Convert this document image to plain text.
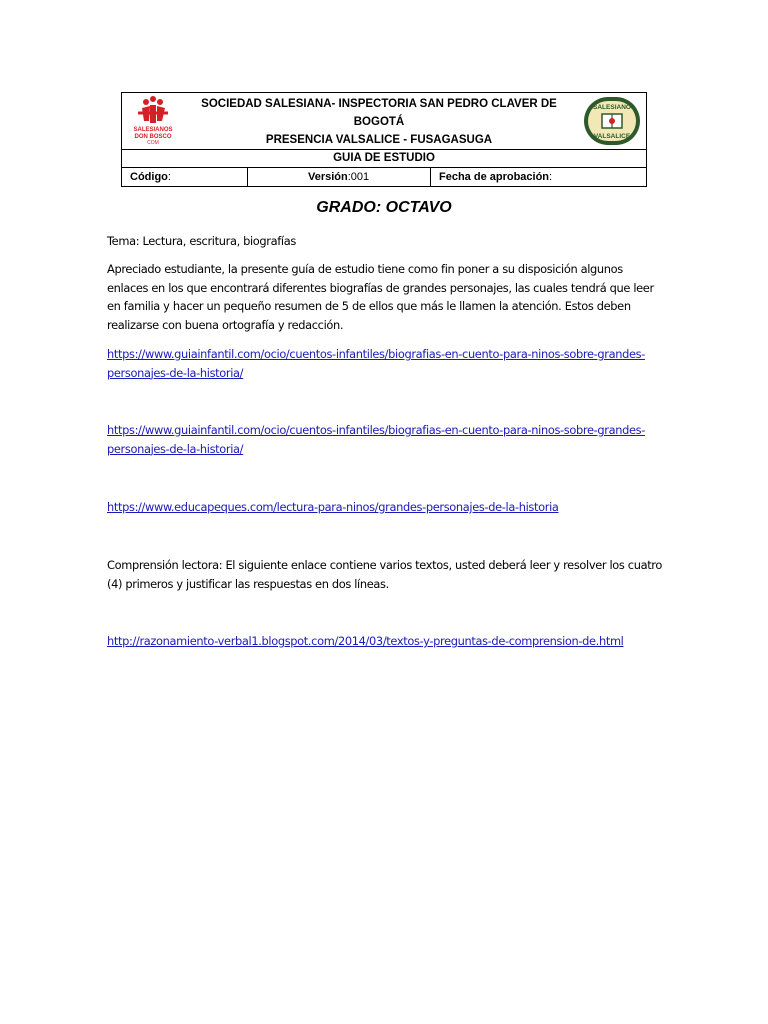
SALESIANOS
DON BOSCO
COM
SOCIEDAD SALESIANA- INSPECTORIA SAN PEDRO CLAVER DE BOGOTÁ
PRESENCIA VALSALICE - FUSAGASUGA
SALESIANO
VALSALICE
GUIA DE ESTUDIO
Código:	Versión:001	Fecha de aprobación:
GRADO: OCTAVO
Tema: Lectura, escritura, biografías
Apreciado estudiante, la presente guía de estudio tiene como fin poner a su disposición algunos enlaces en los que encontrará diferentes biografías de grandes personajes, las cuales tendrá que leer en familia y hacer un pequeño resumen de 5 de ellos que más le llamen la atención. Estos deben realizarse con buena ortografía y redacción.
https://www.guiainfantil.com/ocio/cuentos-infantiles/biografias-en-cuento-para-ninos-sobre-grandes-personajes-de-la-historia/
https://www.guiainfantil.com/ocio/cuentos-infantiles/biografias-en-cuento-para-ninos-sobre-grandes-personajes-de-la-historia/
https://www.educapeques.com/lectura-para-ninos/grandes-personajes-de-la-historia
Comprensión lectora: El siguiente enlace contiene varios textos, usted deberá leer y resolver los cuatro (4) primeros y justificar las respuestas en dos líneas.
http://razonamiento-verbal1.blogspot.com/2014/03/textos-y-preguntas-de-comprension-de.html
